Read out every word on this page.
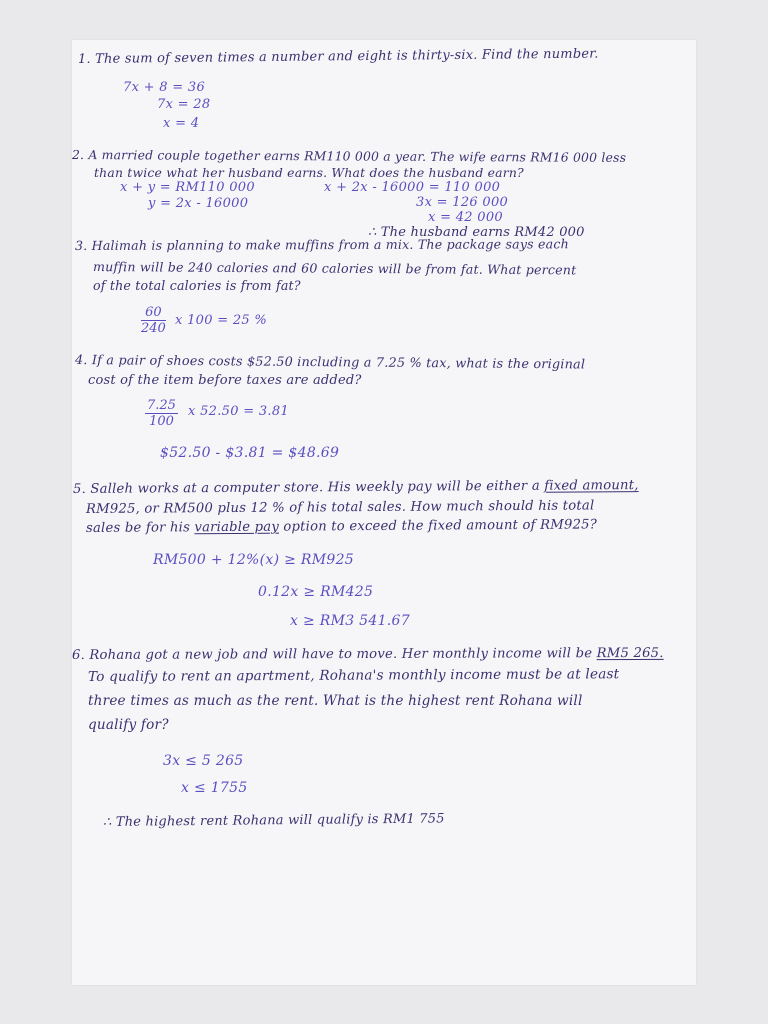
1. The sum of seven times a number and eight is thirty-six. Find the number.
7x + 8 = 36
7x = 28
x = 4
2. A married couple together earns RM110 000 a year. The wife earns RM16 000 less
than twice what her husband earns. What does the husband earn?
x + y = RM110 000
y = 2x - 16000
x + 2x - 16000 = 110 000
3x = 126 000
x = 42 000
∴ The husband earns RM42 000
3. Halimah is planning to make muffins from a mix. The package says each
muffin will be 240 calories and 60 calories will be from fat. What percent
of the total calories is from fat?
$\frac{60}{240}$ x 100 = 25 %
4. If a pair of shoes costs $52.50 including a 7.25 % tax, what is the original
cost of the item before taxes are added?
$\frac{7.25}{100}$ x 52.50 = 3.81
$52.50 - $3.81 = $48.69
5. Salleh works at a computer store. His weekly pay will be either a fixed amount,
RM925, or RM500 plus 12 % of his total sales. How much should his total
sales be for his variable pay option to exceed the fixed amount of RM925?
RM500 + 12%(x) ≥ RM925
0.12x ≥ RM425
x ≥ RM3 541.67
6. Rohana got a new job and will have to move. Her monthly income will be RM5 265.
To qualify to rent an apartment, Rohana's monthly income must be at least
three times as much as the rent. What is the highest rent Rohana will
qualify for?
3x ≤ 5 265
x ≤ 1755
∴ The highest rent Rohana will qualify is RM1 755
